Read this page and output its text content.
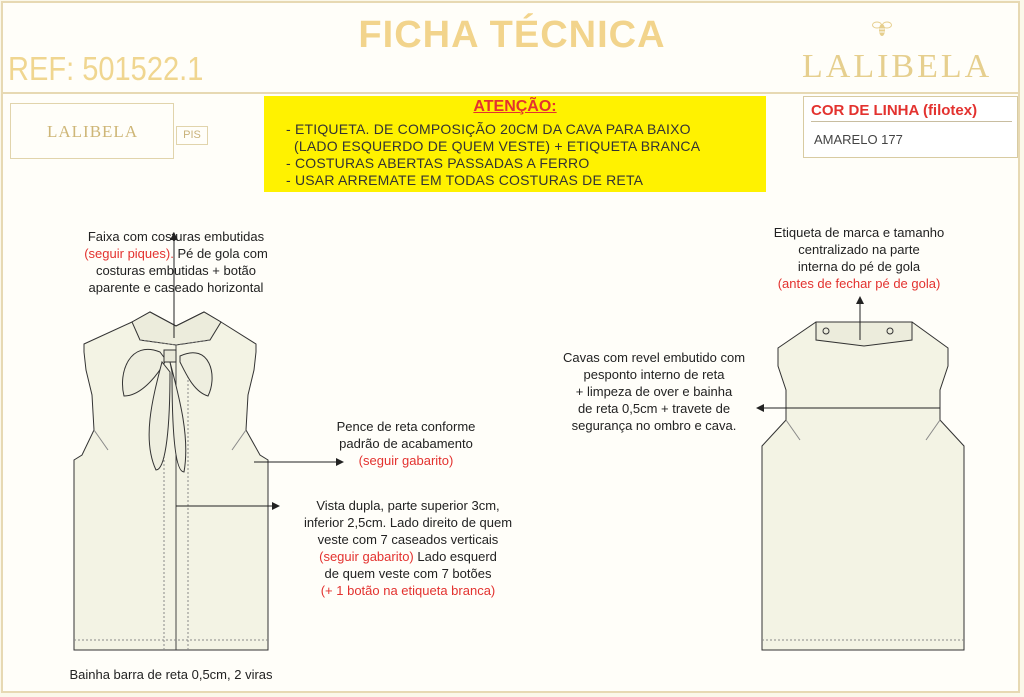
FICHA TÉCNICA
REF: 501522.1	LALIBELA
LALIBELA	PIS
ATENÇÃO:
- ETIQUETA. DE COMPOSIÇÃO 20CM DA CAVA PARA BAIXO
(LADO ESQUERDO DE QUEM VESTE) + ETIQUETA BRANCA
- COSTURAS ABERTAS PASSADAS A FERRO
- USAR ARREMATE EM TODAS COSTURAS DE RETA
COR DE LINHA (filotex)
AMARELO 177
Faixa com costuras embutidas
(seguir piques). Pé de gola com
costuras embutidas + botão
aparente e caseado horizontal
Pence de reta conforme
padrão de acabamento
(seguir gabarito)
Vista dupla, parte superior 3cm,
inferior 2,5cm. Lado direito de quem
veste com 7 caseados verticais
(seguir gabarito) Lado esquerd
de quem veste com 7 botões
(+ 1 botão na etiqueta branca)
Bainha barra de reta 0,5cm, 2 viras
Etiqueta de marca e tamanho
centralizado na parte
interna do pé de gola
(antes de fechar pé de gola)
Cavas com revel embutido com
pesponto interno de reta
+ limpeza de over e bainha
de reta 0,5cm + travete de
segurança no ombro e cava.
